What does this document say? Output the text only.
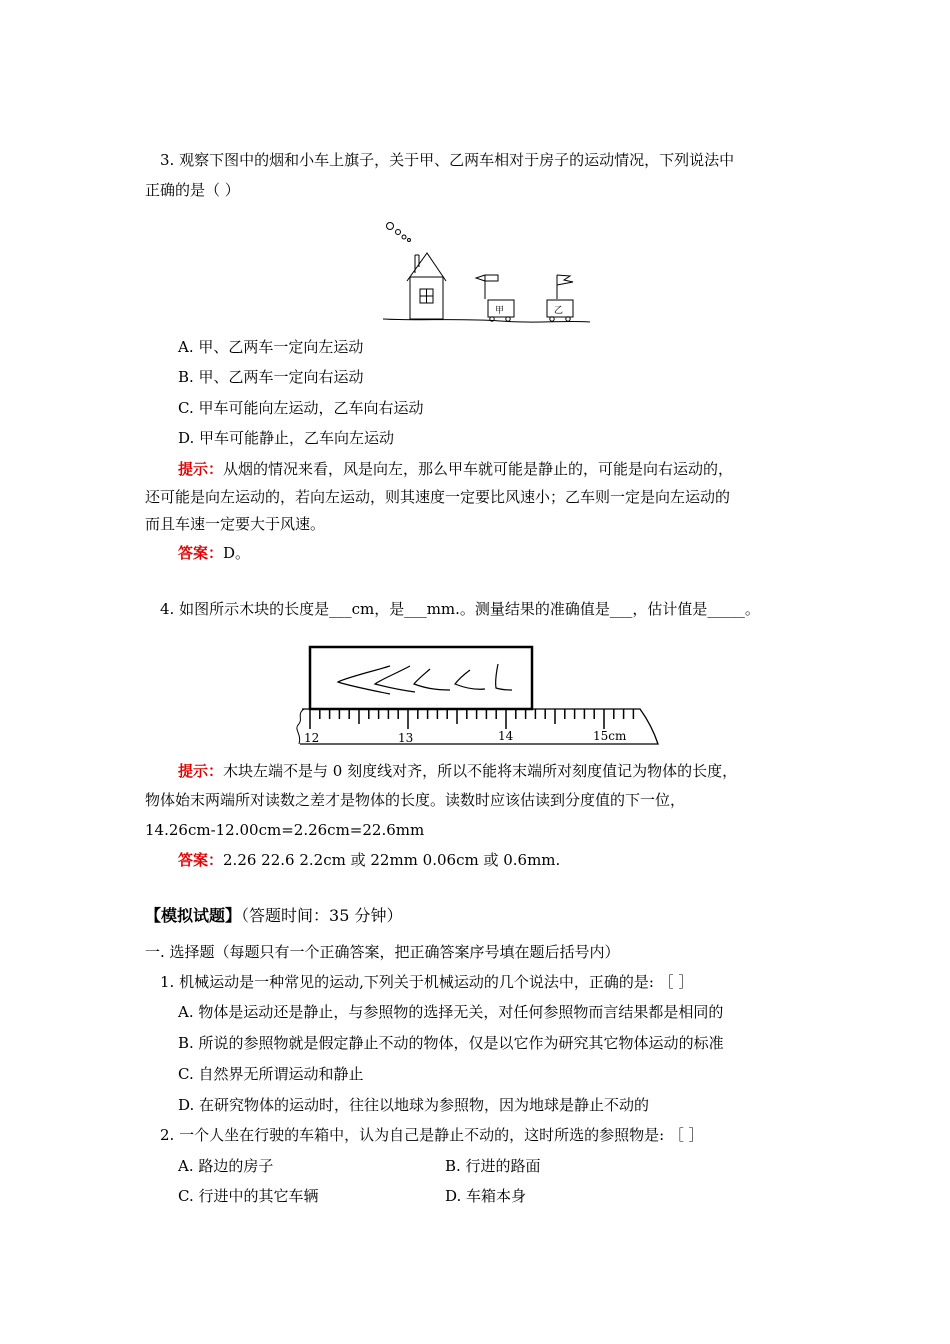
3. 观察下图中的烟和小车上旗子，关于甲、乙两车相对于房子的运动情况，下列说法中
正确的是（ ）
甲	乙
A. 甲、乙两车一定向左运动
B. 甲、乙两车一定向右运动
C. 甲车可能向左运动，乙车向右运动
D. 甲车可能静止，乙车向左运动
提示：从烟的情况来看，风是向左，那么甲车就可能是静止的，可能是向右运动的，
还可能是向左运动的，若向左运动，则其速度一定要比风速小；乙车则一定是向左运动的
而且车速一定要大于风速。
答案：D。
4. 如图所示木块的长度是___cm，是___mm.。测量结果的准确值是___，估计值是_____。
12	13	14	15cm
提示：木块左端不是与 0 刻度线对齐，所以不能将末端所对刻度值记为物体的长度，
物体始末两端所对读数之差才是物体的长度。读数时应该估读到分度值的下一位，
14.26cm-12.00cm=2.26cm=22.6mm
答案：2.26 22.6 2.2cm 或 22mm 0.06cm 或 0.6mm.
【模拟试题】（答题时间：35 分钟）
一. 选择题（每题只有一个正确答案，把正确答案序号填在题后括号内）
1. 机械运动是一种常见的运动,下列关于机械运动的几个说法中，正确的是: ［ ］
A. 物体是运动还是静止，与参照物的选择无关，对任何参照物而言结果都是相同的
B. 所说的参照物就是假定静止不动的物体，仅是以它作为研究其它物体运动的标准
C. 自然界无所谓运动和静止
D. 在研究物体的运动时，往往以地球为参照物，因为地球是静止不动的
2. 一个人坐在行驶的车箱中，认为自己是静止不动的，这时所选的参照物是: ［ ］
A. 路边的房子	B. 行进的路面
C. 行进中的其它车辆	D. 车箱本身
